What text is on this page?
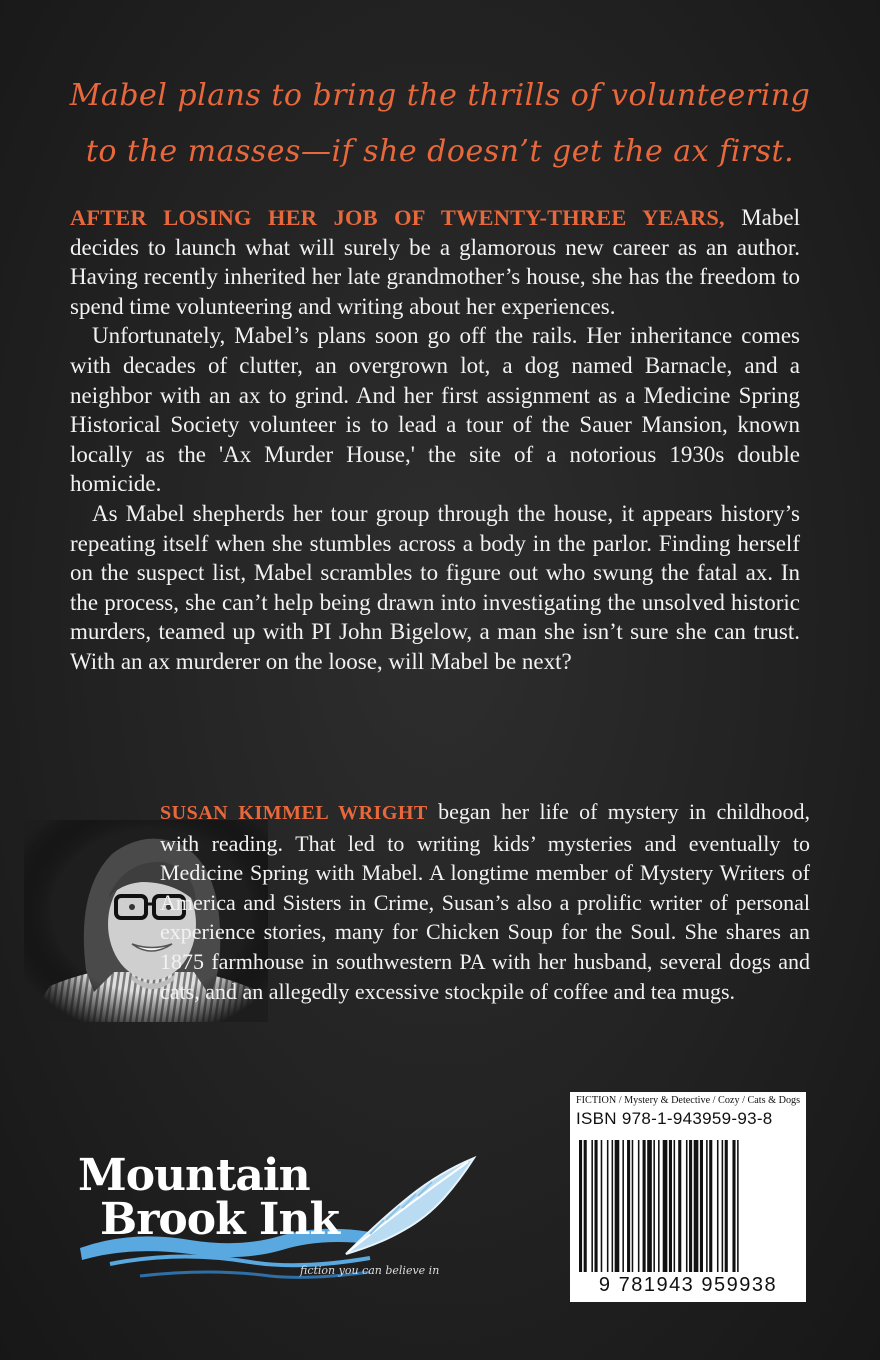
Mabel plans to bring the thrills of volunteering
to the masses—if she doesn’t get the ax first.

AFTER LOSING HER JOB OF TWENTY-THREE YEARS, Mabel decides to launch what will surely be a glamorous new career as an author. Having recently inherited her late grandmother’s house, she has the freedom to spend time volunteering and writing about her experiences.

Unfortunately, Mabel’s plans soon go off the rails. Her inheritance comes with decades of clutter, an overgrown lot, a dog named Barnacle, and a neighbor with an ax to grind. And her first assignment as a Medicine Spring Historical Society volunteer is to lead a tour of the Sauer Mansion, known locally as the 'Ax Murder House,' the site of a notorious 1930s double homicide.

As Mabel shepherds her tour group through the house, it appears history’s repeating itself when she stumbles across a body in the parlor. Finding herself on the suspect list, Mabel scrambles to figure out who swung the fatal ax. In the process, she can’t help being drawn into investigating the unsolved historic murders, teamed up with PI John Bigelow, a man she isn’t sure she can trust. With an ax murderer on the loose, will Mabel be next?

SUSAN KIMMEL WRIGHT began her life of mystery in childhood, with reading. That led to writing kids’ mysteries and eventually to Medicine Spring with Mabel. A longtime member of Mystery Writers of America and Sisters in Crime, Susan’s also a prolific writer of personal experience stories, many for Chicken Soup for the Soul. She shares an 1875 farmhouse in southwestern PA with her husband, several dogs and cats, and an allegedly excessive stockpile of coffee and tea mugs.
Mountain
Brook Ink
fiction you can believe in
FICTION / Mystery & Detective / Cozy / Cats & Dogs
ISBN 978-1-943959-93-8
9 781943 959938
